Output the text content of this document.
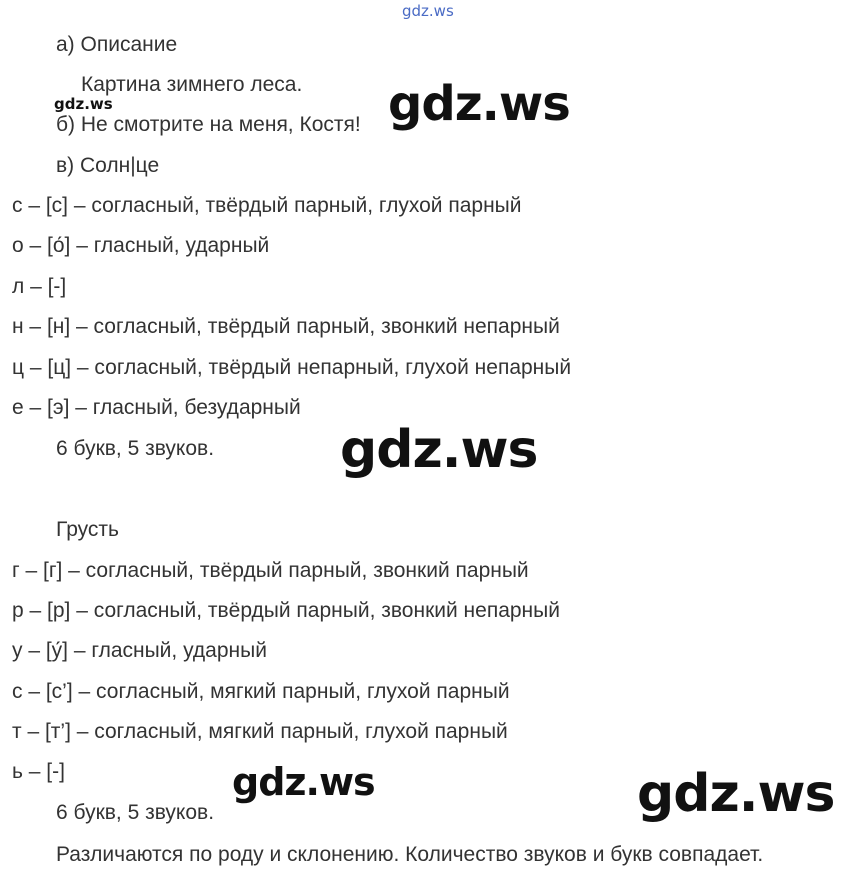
gdz.ws
а) Описание
Картина зимнего леса.
gdz.ws
б) Не смотрите на меня, Костя!
в) Солн|це
с – [с] – согласный, твёрдый парный, глухой парный
о – [о́] – гласный, ударный
л – [-]
н – [н] – согласный, твёрдый парный, звонкий непарный
ц – [ц] – согласный, твёрдый непарный, глухой непарный
е – [э] – гласный, безударный
6 букв, 5 звуков.
Грусть
г – [г] – согласный, твёрдый парный, звонкий парный
р – [р] – согласный, твёрдый парный, звонкий непарный
у – [у́] – гласный, ударный
с – [с’] – согласный, мягкий парный, глухой парный
т – [т’] – согласный, мягкий парный, глухой парный
ь – [-]
6 букв, 5 звуков.
Различаются по роду и склонению. Количество звуков и букв совпадает.
gdz.ws
gdz.ws
gdz.ws	gdz.ws
